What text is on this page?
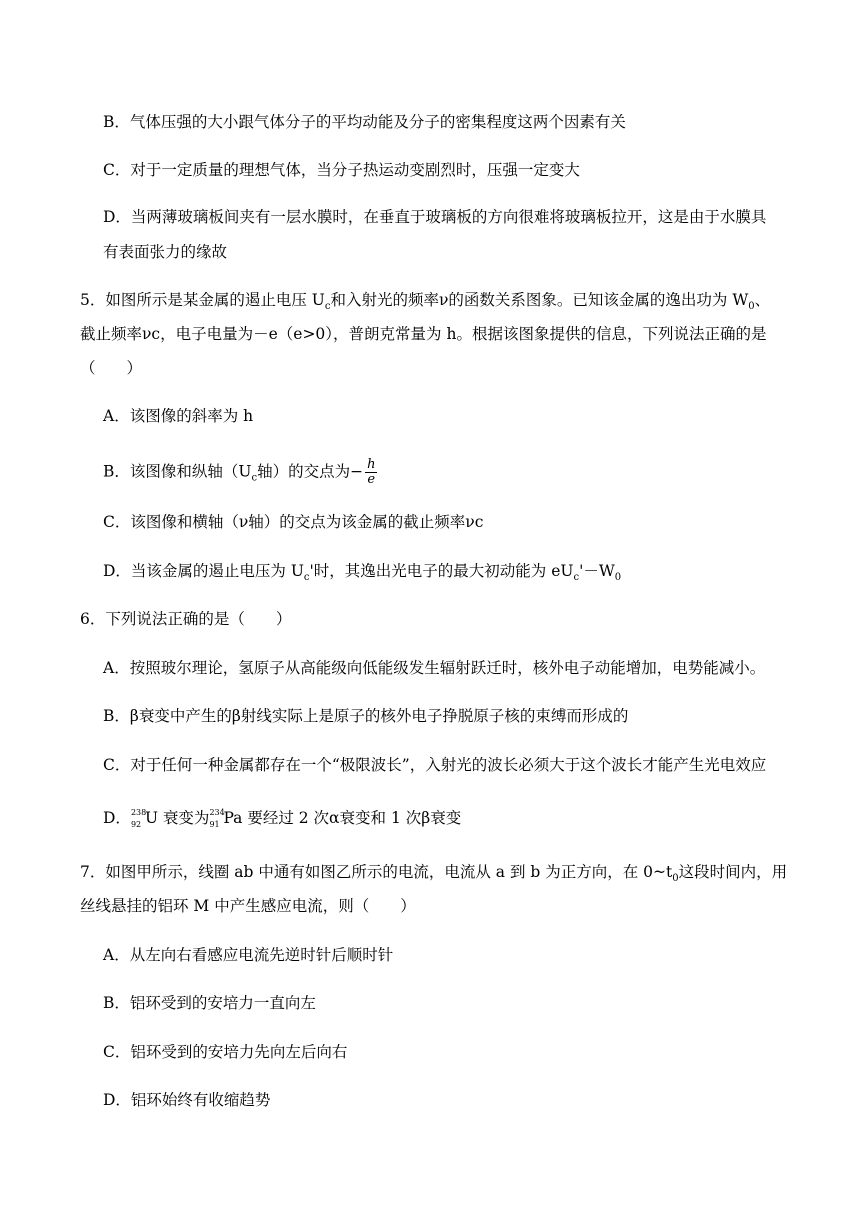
B．气体压强的大小跟气体分子的平均动能及分子的密集程度这两个因素有关
C．对于一定质量的理想气体，当分子热运动变剧烈时，压强一定变大
D．当两薄玻璃板间夹有一层水膜时，在垂直于玻璃板的方向很难将玻璃板拉开，这是由于水膜具
有表面张力的缘故
5．如图所示是某金属的遏止电压 $U_c$和入射光的频率ν的函数关系图象。已知该金属的逸出功为 $W_0$、
截止频率νc，电子电量为－e（e>0），普朗克常量为 h。根据该图象提供的信息，下列说法正确的是
（　　）
A．该图像的斜率为 h
B．该图像和纵轴（$U_c$轴）的交点为− $\frac{h}{e}$
C．该图像和横轴（ν轴）的交点为该金属的截止频率νc
D．当该金属的遏止电压为 $U_c'$时，其逸出光电子的最大初动能为 $eU_c'-W_0$
6．下列说法正确的是（　　）
A．按照玻尔理论，氢原子从高能级向低能级发生辐射跃迁时，核外电子动能增加，电势能减小。
B．β衰变中产生的β射线实际上是原子的核外电子挣脱原子核的束缚而形成的
C．对于任何一种金属都存在一个“极限波长”，入射光的波长必须大于这个波长才能产生光电效应
D． 238
92 U 衰变为 234
91 Pa 要经过 2 次α衰变和 1 次β衰变
7．如图甲所示，线圈 ab 中通有如图乙所示的电流，电流从 a 到 b 为正方向，在 $0\sim t_0$这段时间内，用
丝线悬挂的铝环 M 中产生感应电流，则（　　）
A．从左向右看感应电流先逆时针后顺时针
B．铝环受到的安培力一直向左
C．铝环受到的安培力先向左后向右
D．铝环始终有收缩趋势
